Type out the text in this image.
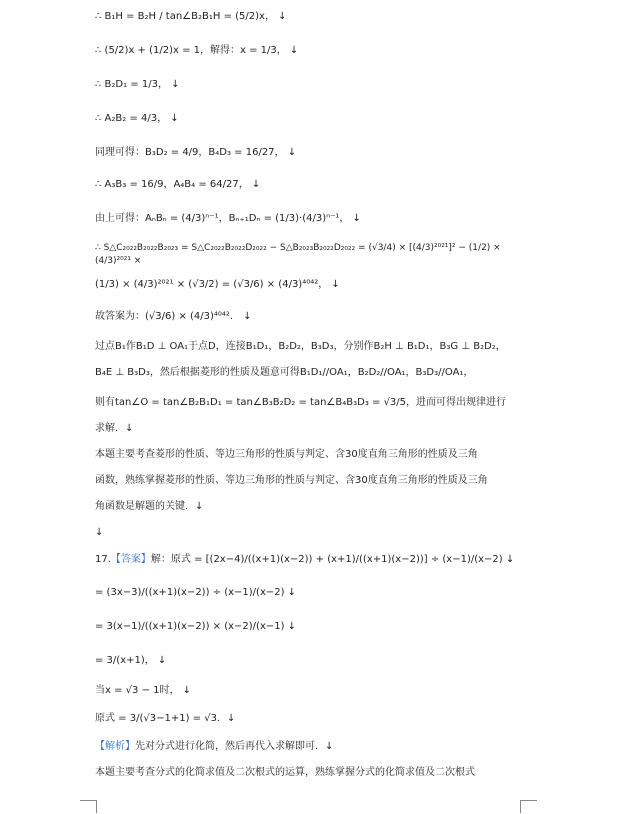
∴ B₁H = B₂H / tan∠B₂B₁H = (5/2)x， ↓
∴ (5/2)x + (1/2)x = 1，解得：x = 1/3， ↓
∴ B₂D₁ = 1/3， ↓
∴ A₂B₂ = 4/3， ↓
同理可得：B₃D₂ = 4/9，B₄D₃ = 16/27， ↓
∴ A₃B₃ = 16/9，A₄B₄ = 64/27， ↓
由上可得：AₙBₙ = (4/3)ⁿ⁻¹，Bₙ₊₁Dₙ = (1/3)·(4/3)ⁿ⁻¹， ↓
∴ S△C₂₀₂₂B₂₀₂₂B₂₀₂₃ = S△C₂₀₂₂B₂₀₂₂D₂₀₂₂ − S△B₂₀₂₃B₂₀₂₂D₂₀₂₂ = (√3/4) × [(4/3)²⁰²¹]² − (1/2) × (4/3)²⁰²¹ ×
(1/3) × (4/3)²⁰²¹ × (√3/2) = (√3/6) × (4/3)⁴⁰⁴²， ↓
故答案为：(√3/6) × (4/3)⁴⁰⁴²． ↓
过点B₁作B₁D ⊥ OA₁于点D，连接B₁D₁，B₂D₂，B₃D₃，分别作B₂H ⊥ B₁D₁，B₃G ⊥ B₂D₂，
B₄E ⊥ B₃D₃，然后根据菱形的性质及题意可得B₁D₁//OA₁，B₂D₂//OA₁，B₃D₃//OA₁，
则有tan∠O = tan∠B₂B₁D₁ = tan∠B₃B₂D₂ = tan∠B₄B₃D₃ = √3/5，进而可得出规律进行
求解．↓
本题主要考查菱形的性质、等边三角形的性质与判定、含30度直角三角形的性质及三角
函数，熟练掌握菱形的性质、等边三角形的性质与判定、含30度直角三角形的性质及三角
角函数是解题的关键．↓
↓
17.【答案】解：原式 = [(2x−4)/((x+1)(x−2)) + (x+1)/((x+1)(x−2))] ÷ (x−1)/(x−2) ↓
= (3x−3)/((x+1)(x−2)) ÷ (x−1)/(x−2) ↓
= 3(x−1)/((x+1)(x−2)) × (x−2)/(x−1) ↓
= 3/(x+1)， ↓
当x = √3 − 1时， ↓
原式 = 3/(√3−1+1) = √3．↓
【解析】先对分式进行化简，然后再代入求解即可．↓
本题主要考查分式的化简求值及二次根式的运算，熟练掌握分式的化简求值及二次根式
